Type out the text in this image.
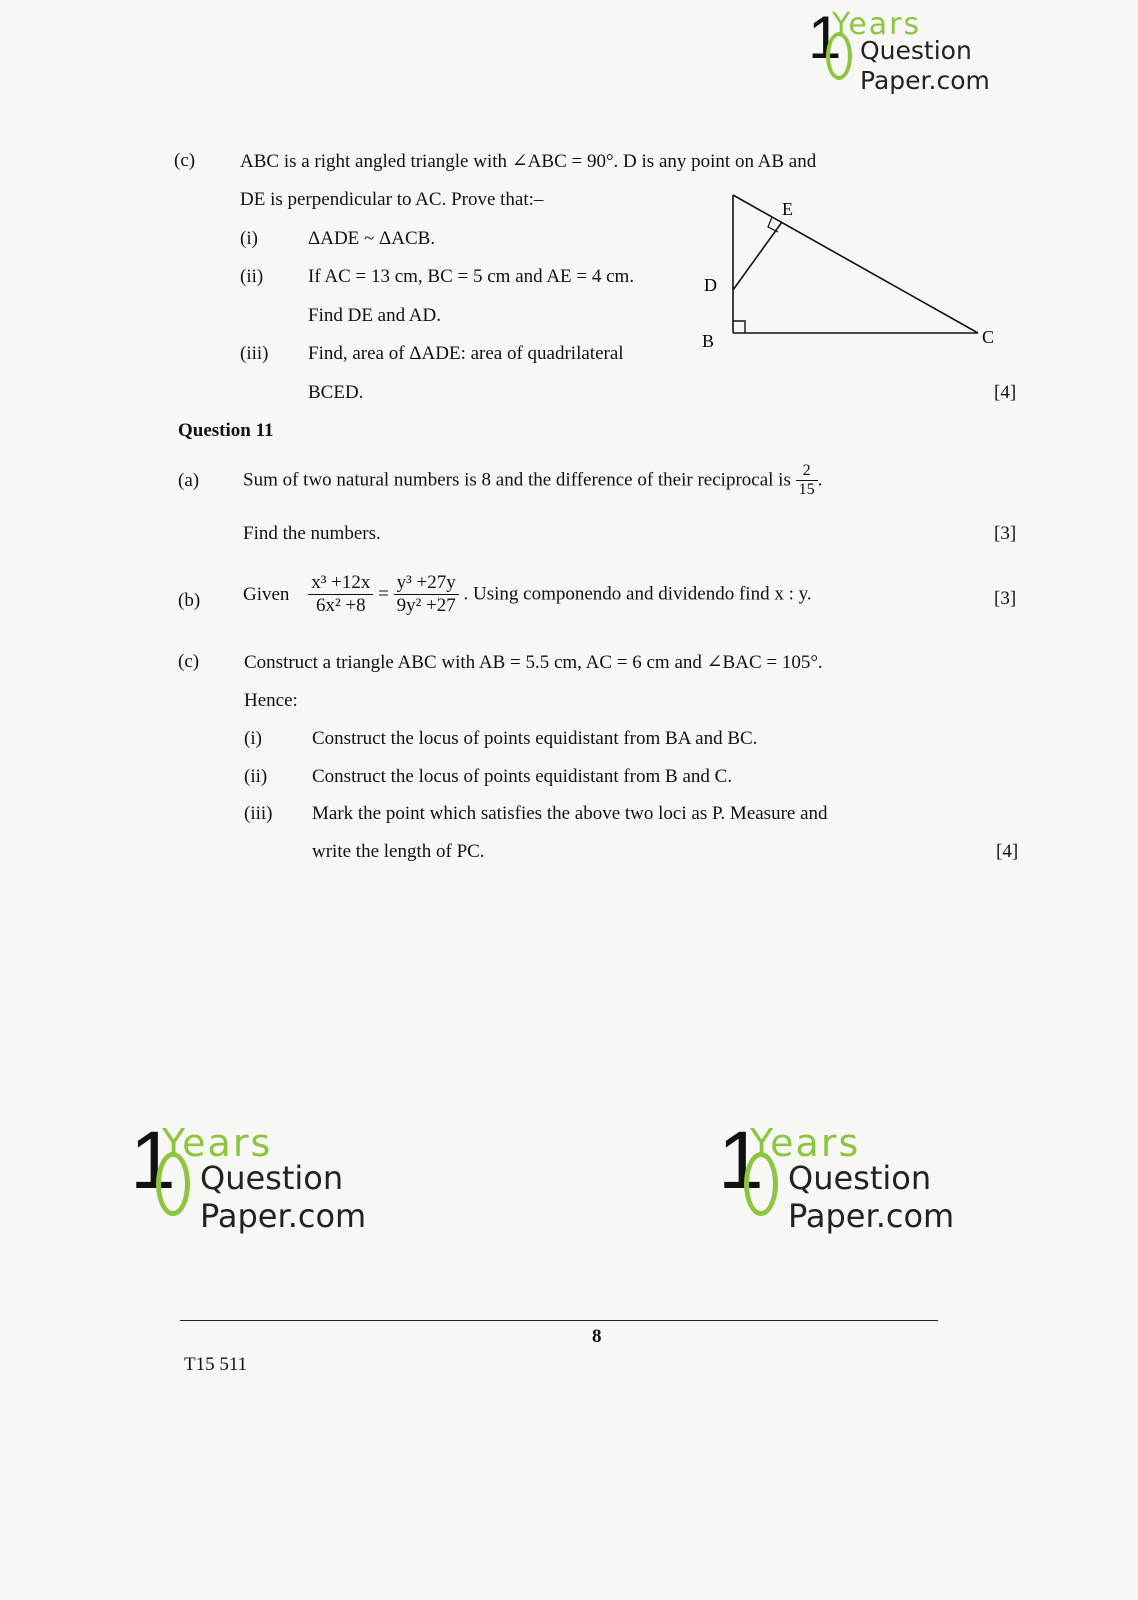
1
Years
Question
Paper.com
(c) ABC is a right angled triangle with ∠ABC = 90°. D is any point on AB and
DE is perpendicular to AC. Prove that:–
(i)	ΔADE ~ ΔACB.
(ii) If AC = 13 cm, BC = 5 cm and AE = 4 cm.
Find DE and AD.
(iii) Find, area of ΔADE: area of quadrilateral
BCED.	[4]
D
E
B	C
Question 11
(a) Sum of two natural numbers is 8 and the difference of their reciprocal is $\frac{2}{15}$ .
Find the numbers.	[3]
(b) Given $\frac{\text{x³ +12x}}{\text{6x² +8}} = \frac{\text{y³ +27y}}{\text{9y² +27}}$ . Using componendo and dividendo find x : y.	[3]
(c) Construct a triangle ABC with AB = 5.5 cm, AC = 6 cm and ∠BAC = 105°.
Hence:
(i)	Construct the locus of points equidistant from BA and BC.
(ii) Construct the locus of points equidistant from B and C.
(iii) Mark the point which satisfies the above two loci as P. Measure and
write the length of PC.	[4]
1
Years
Question
Paper.com
1
Years
Question
Paper.com
8
T15 511
